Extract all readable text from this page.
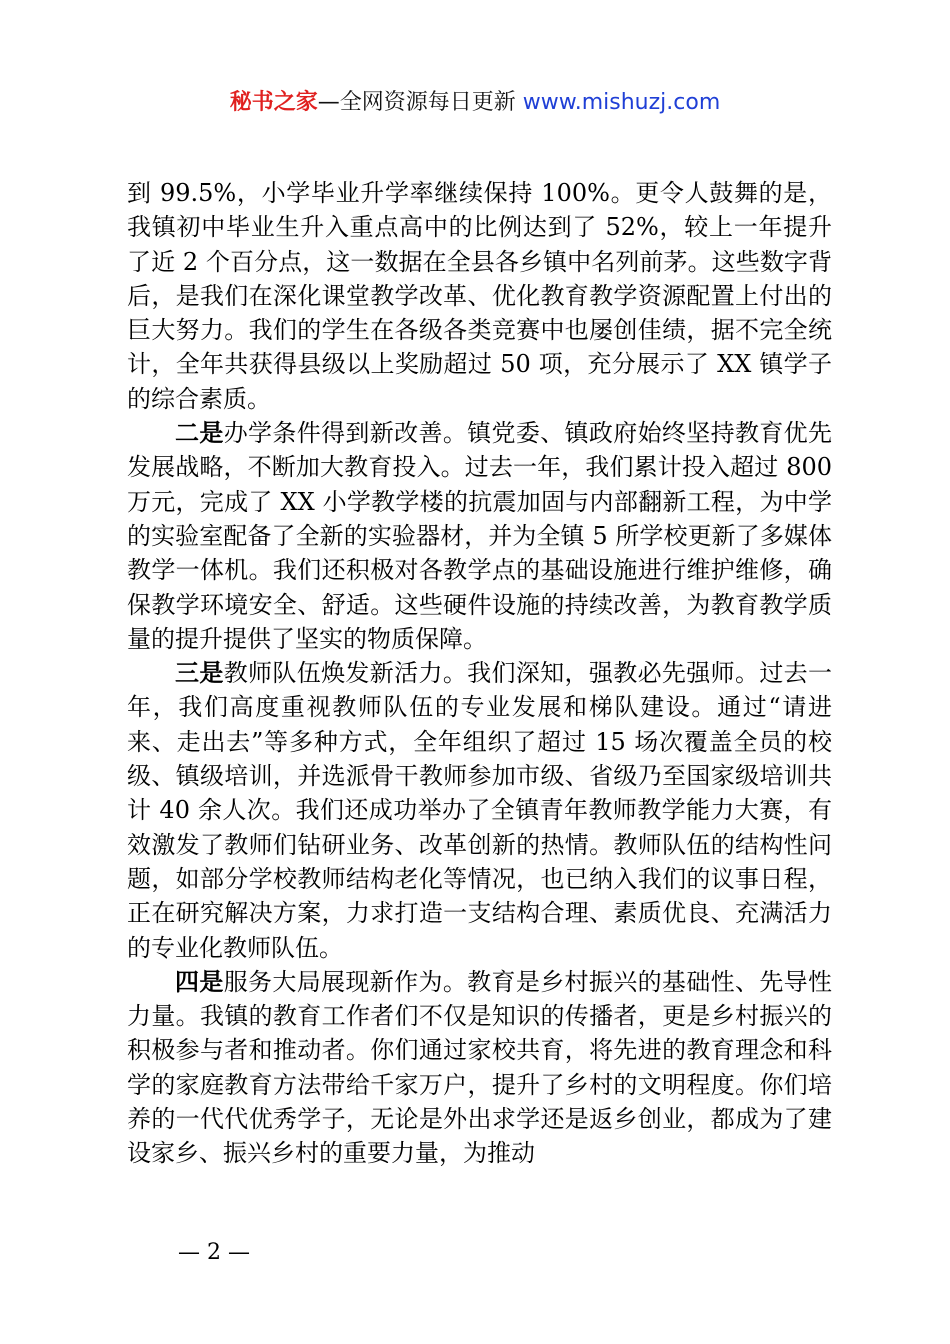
秘书之家—全网资源每日更新 www.mishuzj.com

到 99.5%，小学毕业升学率继续保持 100%。更令人鼓舞的是，我镇初中毕业生升入重点高中的比例达到了 52%，较上一年提升了近 2 个百分点，这一数据在全县各乡镇中名列前茅。这些数字背后，是我们在深化课堂教学改革、优化教育教学资源配置上付出的巨大努力。我们的学生在各级各类竞赛中也屡创佳绩，据不完全统计，全年共获得县级以上奖励超过 50 项，充分展示了 XX 镇学子的综合素质。

二是办学条件得到新改善。镇党委、镇政府始终坚持教育优先发展战略，不断加大教育投入。过去一年，我们累计投入超过 800 万元，完成了 XX 小学教学楼的抗震加固与内部翻新工程，为中学的实验室配备了全新的实验器材，并为全镇 5 所学校更新了多媒体教学一体机。我们还积极对各教学点的基础设施进行维护维修，确保教学环境安全、舒适。这些硬件设施的持续改善，为教育教学质量的提升提供了坚实的物质保障。

三是教师队伍焕发新活力。我们深知，强教必先强师。过去一年，我们高度重视教师队伍的专业发展和梯队建设。通过“请进来、走出去”等多种方式，全年组织了超过 15 场次覆盖全员的校级、镇级培训，并选派骨干教师参加市级、省级乃至国家级培训共计 40 余人次。我们还成功举办了全镇青年教师教学能力大赛，有效激发了教师们钻研业务、改革创新的热情。教师队伍的结构性问题，如部分学校教师结构老化等情况，也已纳入我们的议事日程，正在研究解决方案，力求打造一支结构合理、素质优良、充满活力的专业化教师队伍。

四是服务大局展现新作为。教育是乡村振兴的基础性、先导性力量。我镇的教育工作者们不仅是知识的传播者，更是乡村振兴的积极参与者和推动者。你们通过家校共育，将先进的教育理念和科学的家庭教育方法带给千家万户，提升了乡村的文明程度。你们培养的一代代优秀学子，无论是外出求学还是返乡创业，都成为了建设家乡、振兴乡村的重要力量，为推动

— 2 —
